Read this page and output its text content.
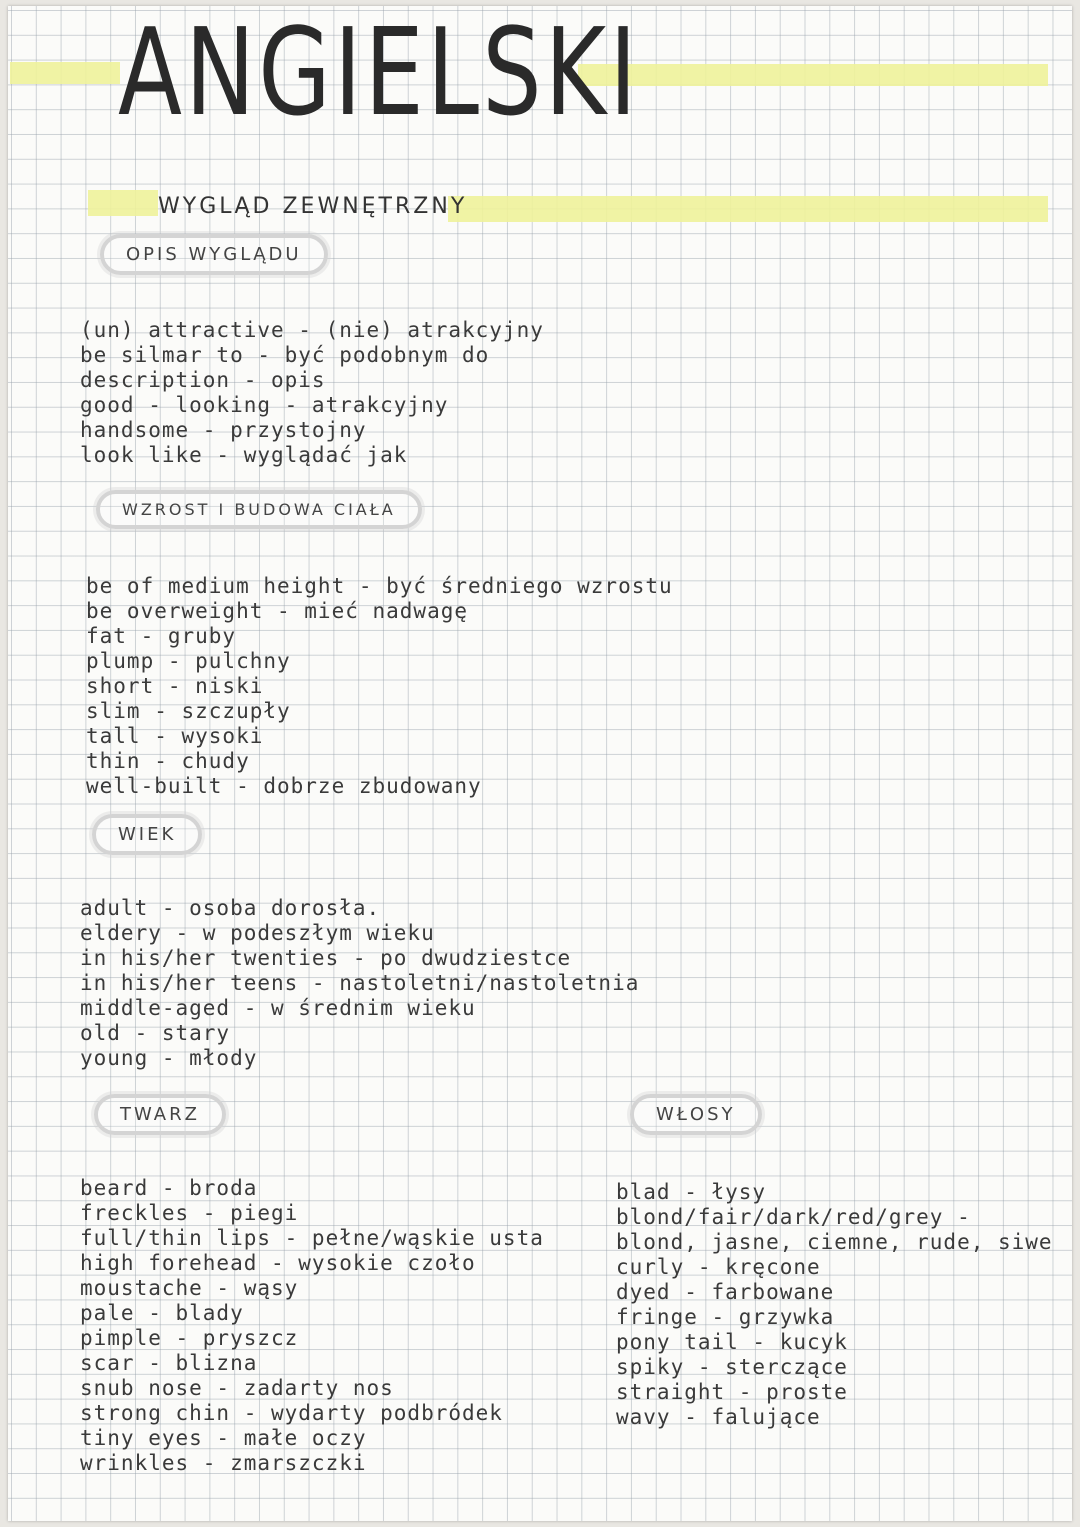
ANGIELSKI
WYGLĄD ZEWNĘTRZNY
OPIS WYGLĄDU
(un) attractive - (nie) atrakcyjny
be silmar to - być podobnym do
description - opis
good - looking - atrakcyjny
handsome - przystojny
look like - wyglądać jak
WZROST I BUDOWA CIAŁA
be of medium height - być średniego wzrostu
be overweight - mieć nadwagę
fat - gruby
plump - pulchny
short - niski
slim - szczupły
tall - wysoki
thin - chudy
well-built - dobrze zbudowany
WIEK
adult - osoba dorosła.
eldery - w podeszłym wieku
in his/her twenties - po dwudziestce
in his/her teens - nastoletni/nastoletnia
middle-aged - w średnim wieku
old - stary
young - młody
TWARZ
beard - broda
freckles - piegi
full/thin lips - pełne/wąskie usta
high forehead - wysokie czoło
moustache - wąsy
pale - blady
pimple - pryszcz
scar - blizna
snub nose - zadarty nos
strong chin - wydarty podbródek
tiny eyes - małe oczy
wrinkles - zmarszczki
WŁOSY
blad - łysy
blond/fair/dark/red/grey -
blond, jasne, ciemne, rude, siwe
curly - kręcone
dyed - farbowane
fringe - grzywka
pony tail - kucyk
spiky - sterczące
straight - proste
wavy - falujące
